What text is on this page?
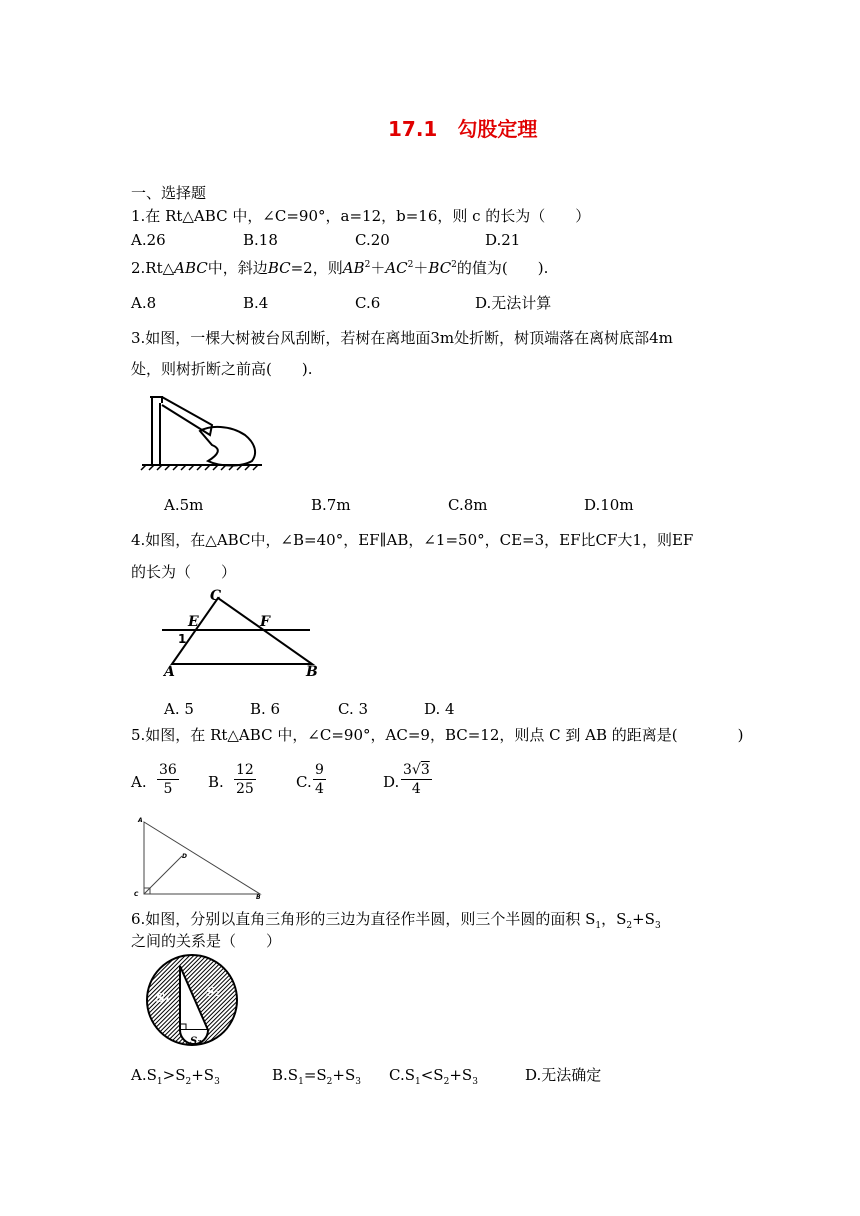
17.1　勾股定理
一、选择题
1.在 Rt△ABC 中，∠C=90°，a=12，b=16，则 c 的长为（　　）
A.26	B.18	C.20	D.21
2.Rt△ABC中，斜边BC=2，则$AB^2+AC^2+BC^2$的值为(　　).
A.8	B.4	C.6	D.无法计算
3.如图，一棵大树被台风刮断，若树在离地面3m处折断，树顶端落在离树底部4m
处，则树折断之前高(　　).
A.5m	B.7m	C.8m	D.10m
4.如图，在△ABC中，∠B=40°，EF∥AB，∠1=50°，CE=3，EF比CF大1，则EF
的长为（　　）
C
E	F
A	B
1
A. 5	B. 6	C. 3	D. 4
5.如图，在 Rt△ABC 中，∠C=90°，AC=9，BC=12，则点 C 到 AB 的距离是(　　　　)
A. $\frac{36}{5} B$. $\frac{12}{25}$	C. $\frac{9}{4}$	D. $\frac{3√3}{4}$
A
D
C	B
6.如图，分别以直角三角形的三边为直径作半圆，则三个半圆的面积 $S_1$，$S_2+S_3$
之间的关系是（　　）
S₁	S₂
S₃
$A.S_1>S_2+S_3$	$B.S_1=S_2+S_3$ $C.S_1<S_2+S_3$	D.无法确定
